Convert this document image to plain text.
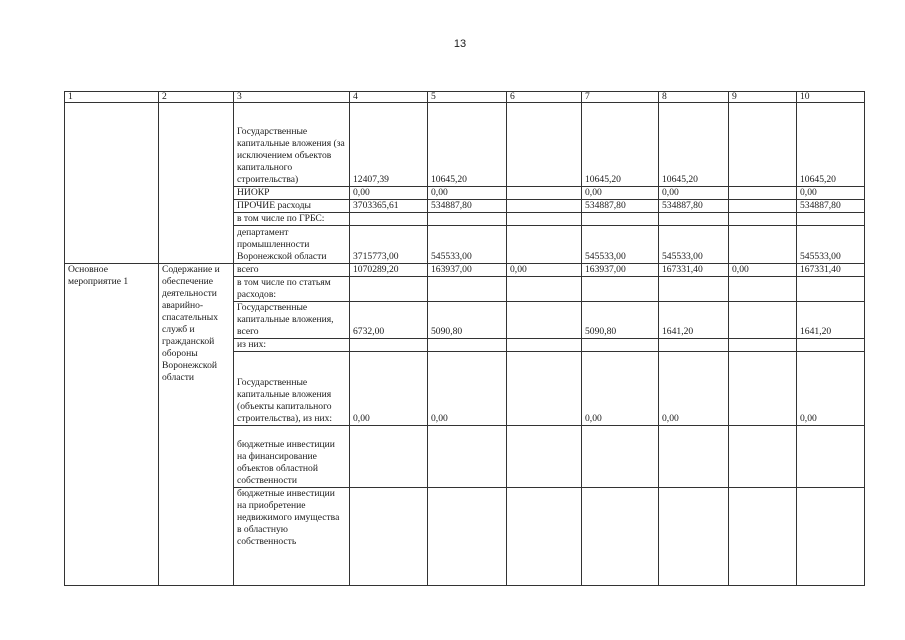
13
1	2	3	4	5	6	7	8	9	10
		Государственные капитальные вложения (за исключением объектов капитального строительства)	12407,39	10645,20		10645,20	10645,20		10645,20
		НИОКР	0,00	0,00		0,00	0,00		0,00
		ПРОЧИЕ расходы	3703365,61	534887,80		534887,80	534887,80		534887,80
		в том числе по ГРБС:							
		департамент промышленности Воронежской области	3715773,00	545533,00		545533,00	545533,00		545533,00
Основное мероприятие 1	Содержание и обеспечение деятельности аварийно-спасательных служб и гражданской обороны Воронежской области	всего	1070289,20	163937,00	0,00	163937,00	167331,40	0,00	167331,40
		в том числе по статьям расходов:							
		Государственные капитальные вложения, всего	6732,00	5090,80		5090,80	1641,20		1641,20
		из них:							
		Государственные капитальные вложения (объекты капитального строительства), из них:	0,00	0,00		0,00	0,00		0,00
		бюджетные инвестиции на финансирование объектов областной собственности							
		бюджетные инвестиции на приобретение недвижимого имущества в областную собственность							
